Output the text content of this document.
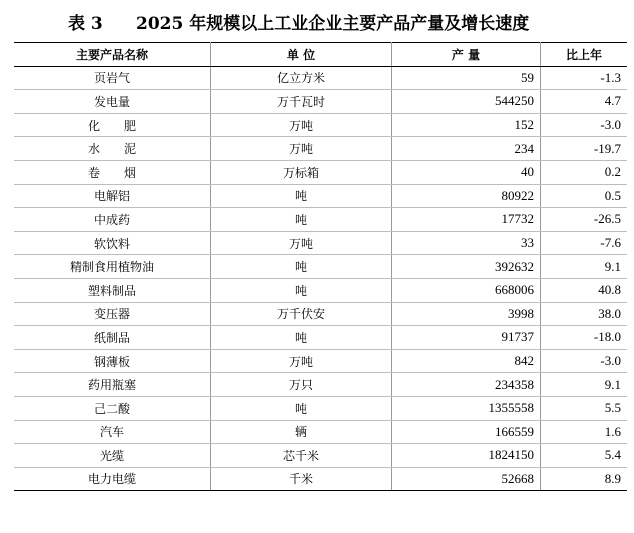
表 3 2025 年规模以上工业企业主要产品产量及增长速度
主要产品名称	单 位	产 量	比上年
页岩气	亿立方米	59	-1.3
发电量	万千瓦时	544250	4.7
化　　肥	万吨	152	-3.0
水　　泥	万吨	234	-19.7
卷　　烟	万标箱	40	0.2
电解铝	吨	80922	0.5
中成药	吨	17732	-26.5
软饮料	万吨	33	-7.6
精制食用植物油	吨	392632	9.1
塑料制品	吨	668006	40.8
变压器	万千伏安	3998	38.0
纸制品	吨	91737	-18.0
钢薄板	万吨	842	-3.0
药用瓶塞	万只	234358	9.1
己二酸	吨	1355558	5.5
汽车	辆	166559	1.6
光缆	芯千米	1824150	5.4
电力电缆	千米	52668	8.9
